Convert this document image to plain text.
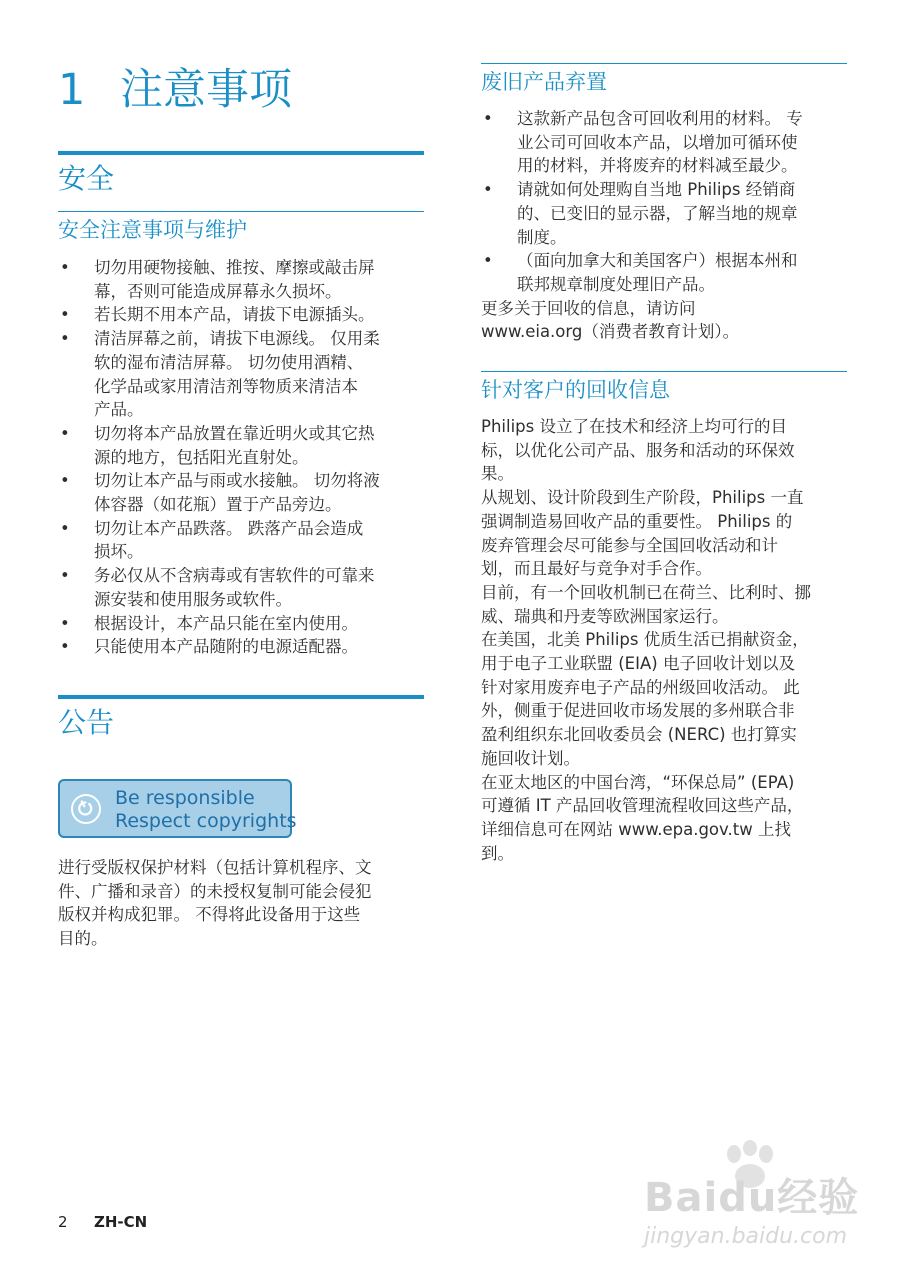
1 注意事项
安全
安全注意事项与维护
• 切勿用硬物接触、推按、摩擦或敲击屏
幕，否则可能造成屏幕永久损坏。
• 若长期不用本产品，请拔下电源插头。
• 清洁屏幕之前，请拔下电源线。 仅用柔
软的湿布清洁屏幕。 切勿使用酒精、
化学品或家用清洁剂等物质来清洁本
产品。
• 切勿将本产品放置在靠近明火或其它热
源的地方，包括阳光直射处。
• 切勿让本产品与雨或水接触。 切勿将液
体容器（如花瓶）置于产品旁边。
• 切勿让本产品跌落。 跌落产品会造成
损坏。
• 务必仅从不含病毒或有害软件的可靠来
源安装和使用服务或软件。
• 根据设计，本产品只能在室内使用。
• 只能使用本产品随附的电源适配器。
公告
Be responsible
Respect copyrights
进行受版权保护材料（包括计算机程序、文
件、广播和录音）的未授权复制可能会侵犯
版权并构成犯罪。 不得将此设备用于这些
目的。
废旧产品弃置
• 这款新产品包含可回收利用的材料。 专
业公司可回收本产品，以增加可循环使
用的材料，并将废弃的材料减至最少。
• 请就如何处理购自当地 Philips 经销商
的、已变旧的显示器，了解当地的规章
制度。
• （面向加拿大和美国客户）根据本州和
联邦规章制度处理旧产品。
更多关于回收的信息，请访问
www.eia.org（消费者教育计划）。
针对客户的回收信息
Philips 设立了在技术和经济上均可行的目
标，以优化公司产品、服务和活动的环保效
果。
从规划、设计阶段到生产阶段，Philips 一直
强调制造易回收产品的重要性。 Philips 的
废弃管理会尽可能参与全国回收活动和计
划，而且最好与竞争对手合作。
目前，有一个回收机制已在荷兰、比利时、挪
威、瑞典和丹麦等欧洲国家运行。
在美国，北美 Philips 优质生活已捐献资金，
用于电子工业联盟 (EIA) 电子回收计划以及
针对家用废弃电子产品的州级回收活动。 此
外，侧重于促进回收市场发展的多州联合非
盈利组织东北回收委员会 (NERC) 也打算实
施回收计划。
在亚太地区的中国台湾，“环保总局” (EPA)
可遵循 IT 产品回收管理流程收回这些产品，
详细信息可在网站 www.epa.gov.tw 上找
到。
2 ZH-CN
Baidu经验
jingyan.baidu.com
